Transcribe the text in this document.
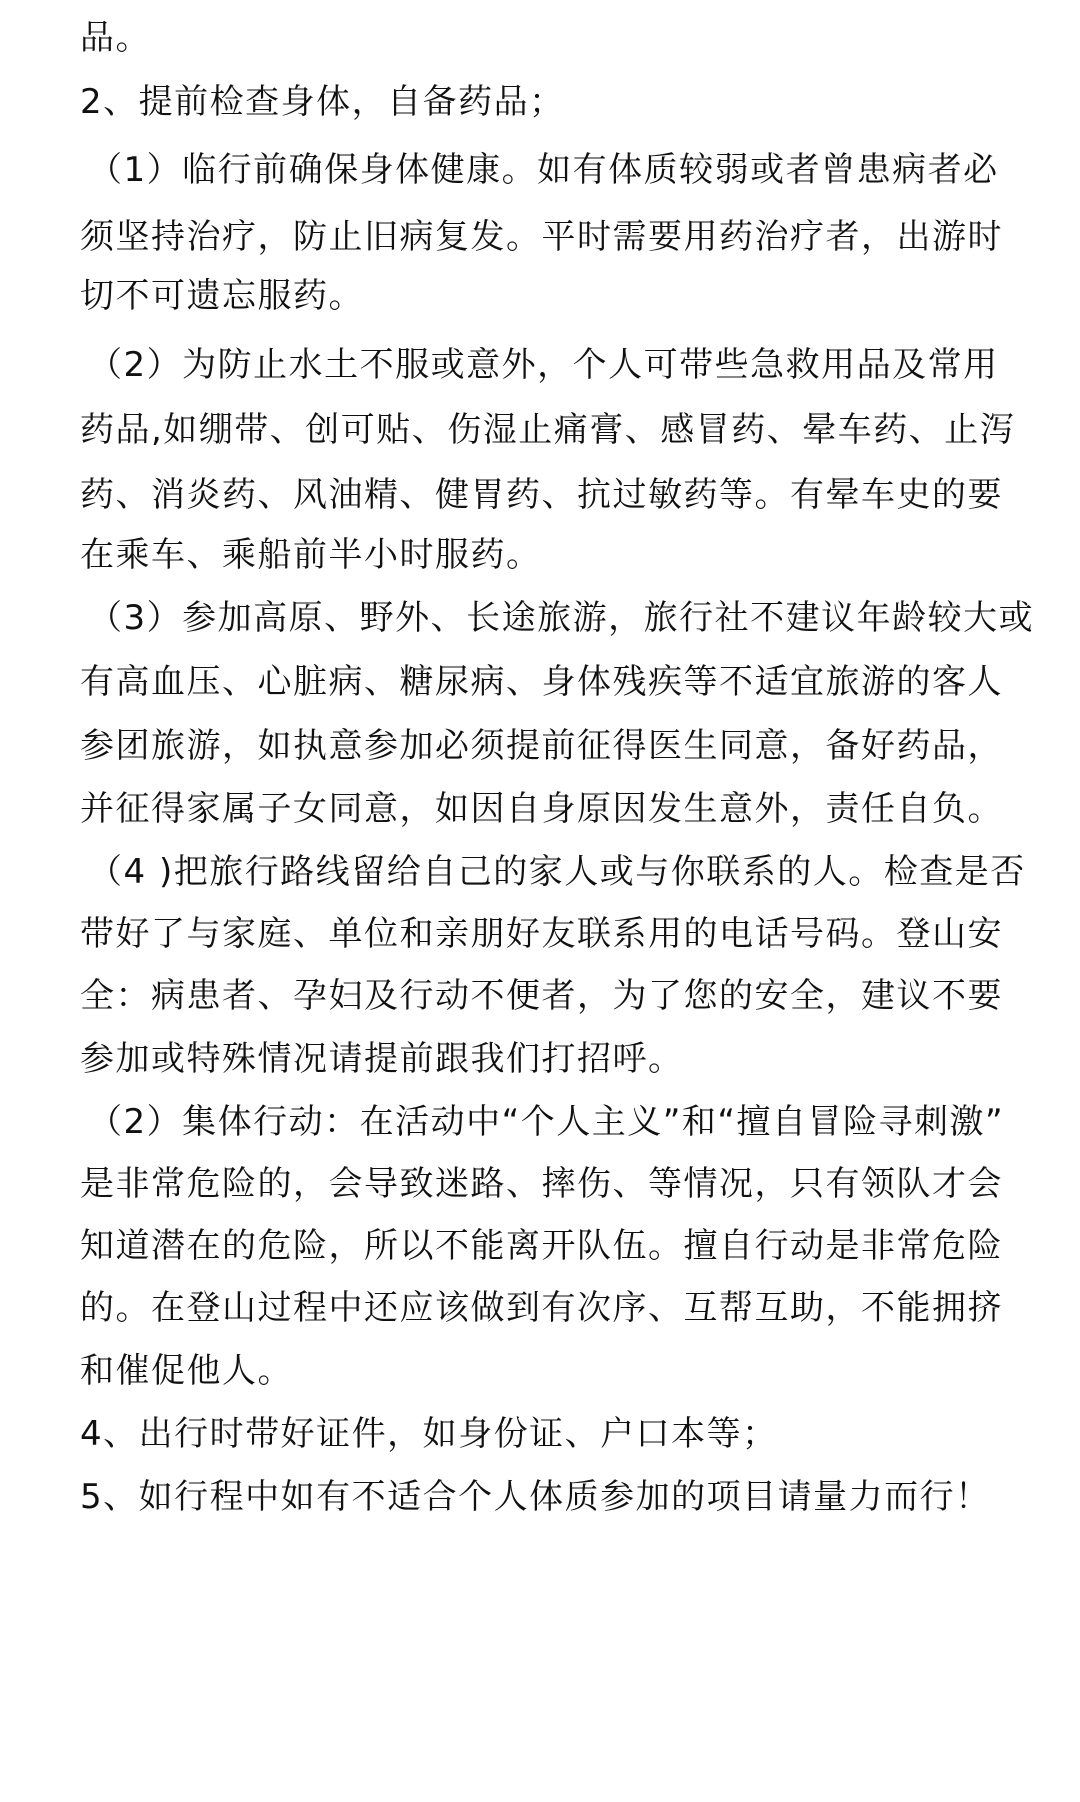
品。
2、提前检查身体，自备药品；
（1）临行前确保身体健康。如有体质较弱或者曾患病者必
须坚持治疗，防止旧病复发。平时需要用药治疗者，出游时
切不可遗忘服药。
（2）为防止水土不服或意外，个人可带些急救用品及常用
药品,如绷带、创可贴、伤湿止痛膏、感冒药、晕车药、止泻
药、消炎药、风油精、健胃药、抗过敏药等。有晕车史的要
在乘车、乘船前半小时服药。
（3）参加高原、野外、长途旅游，旅行社不建议年龄较大或
有高血压、心脏病、糖尿病、身体残疾等不适宜旅游的客人
参团旅游，如执意参加必须提前征得医生同意，备好药品，
并征得家属子女同意，如因自身原因发生意外，责任自负。
（4 )把旅行路线留给自己的家人或与你联系的人。检查是否
带好了与家庭、单位和亲朋好友联系用的电话号码。登山安
全：病患者、孕妇及行动不便者，为了您的安全，建议不要
参加或特殊情况请提前跟我们打招呼。
（2）集体行动：在活动中“个人主义”和“擅自冒险寻刺激”
是非常危险的，会导致迷路、摔伤、等情况，只有领队才会
知道潜在的危险，所以不能离开队伍。擅自行动是非常危险
的。在登山过程中还应该做到有次序、互帮互助，不能拥挤
和催促他人。
4、出行时带好证件，如身份证、户口本等；
5、如行程中如有不适合个人体质参加的项目请量力而行！
